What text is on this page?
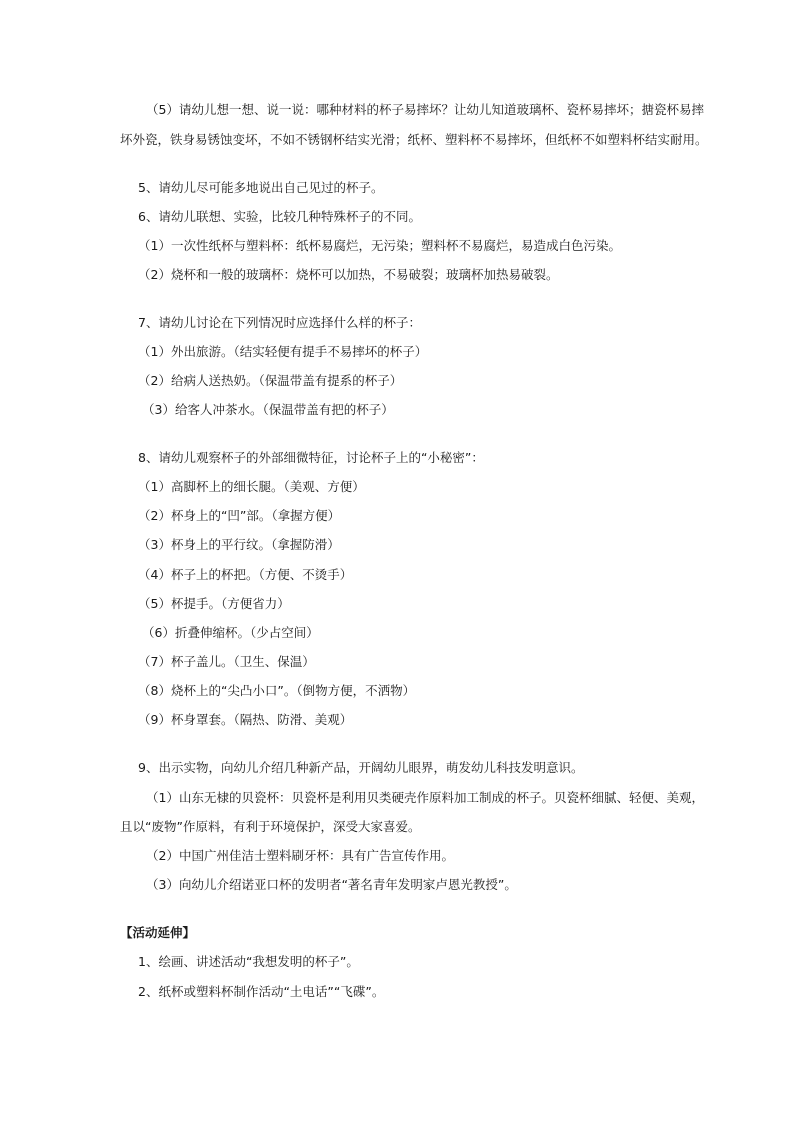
（5）请幼儿想一想、说一说：哪种材料的杯子易摔坏？让幼儿知道玻璃杯、瓷杯易摔坏；搪瓷杯易摔
坏外瓷，铁身易锈蚀变坏，不如不锈钢杯结实光滑；纸杯、塑料杯不易摔坏，但纸杯不如塑料杯结实耐用。
5、请幼儿尽可能多地说出自己见过的杯子。
6、请幼儿联想、实验，比较几种特殊杯子的不同。
（1）一次性纸杯与塑料杯：纸杯易腐烂，无污染；塑料杯不易腐烂，易造成白色污染。
（2）烧杯和一般的玻璃杯：烧杯可以加热，不易破裂；玻璃杯加热易破裂。
7、请幼儿讨论在下列情况时应选择什么样的杯子：
（1）外出旅游。（结实轻便有提手不易摔坏的杯子）
（2）给病人送热奶。（保温带盖有提系的杯子）
（3）给客人冲茶水。（保温带盖有把的杯子）
8、请幼儿观察杯子的外部细微特征，讨论杯子上的“小秘密”：
（1）高脚杯上的细长腿。（美观、方便）
（2）杯身上的“凹”部。（拿握方便）
（3）杯身上的平行纹。（拿握防滑）
（4）杯子上的杯把。（方便、不烫手）
（5）杯提手。（方便省力）
（6）折叠伸缩杯。（少占空间）
（7）杯子盖儿。（卫生、保温）
（8）烧杯上的“尖凸小口”。（倒物方便，不洒物）
（9）杯身罩套。（隔热、防滑、美观）
9、出示实物，向幼儿介绍几种新产品，开阔幼儿眼界，萌发幼儿科技发明意识。
（1）山东无棣的贝瓷杯：贝瓷杯是利用贝类硬壳作原料加工制成的杯子。贝瓷杯细腻、轻便、美观，
且以“废物”作原料，有利于环境保护，深受大家喜爱。
（2）中国广州佳洁士塑料刷牙杯：具有广告宣传作用。
（3）向幼儿介绍诺亚口杯的发明者“著名青年发明家卢恩光教授”。
【活动延伸】
1、绘画、讲述活动“我想发明的杯子”。
2、纸杯或塑料杯制作活动“土电话”“飞碟”。
